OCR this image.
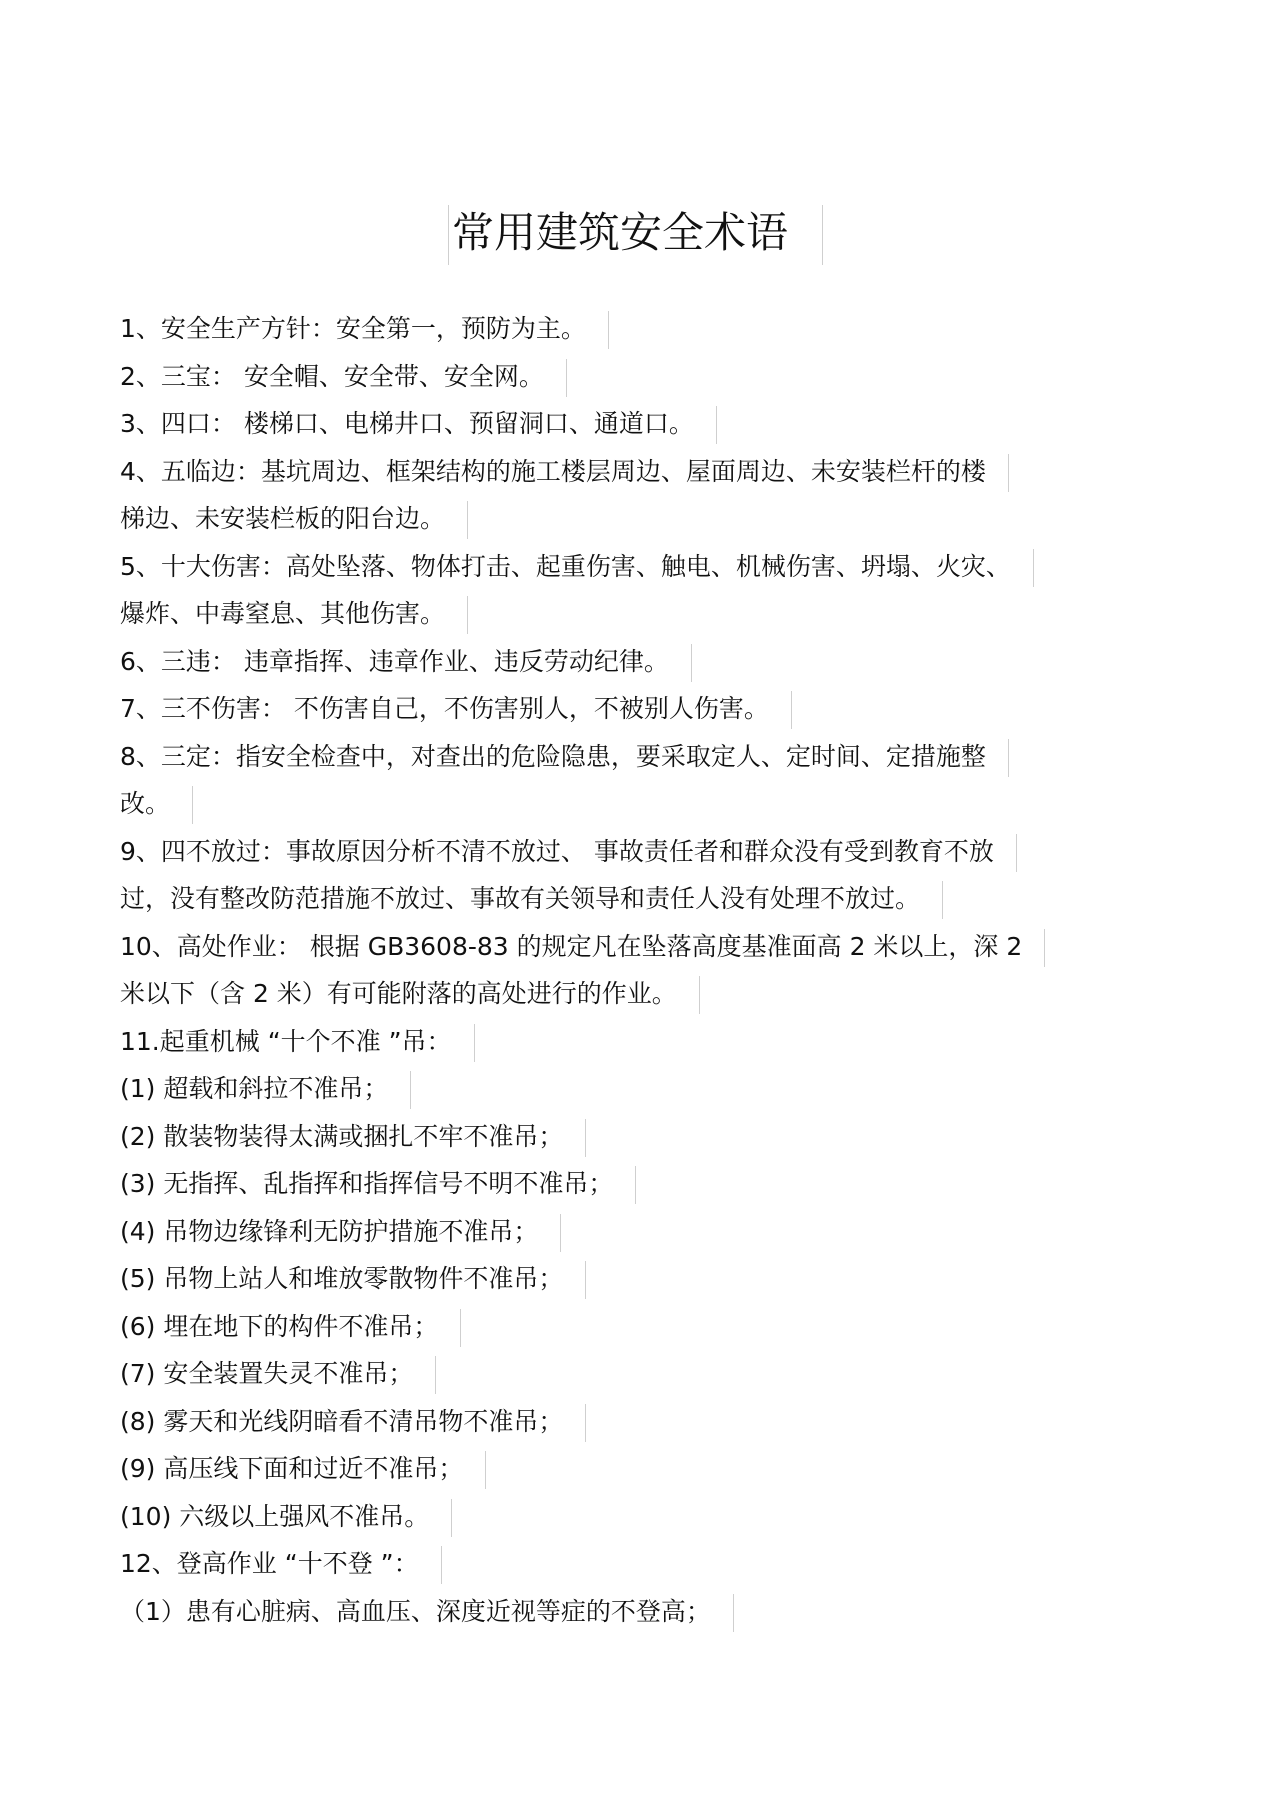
常用建筑安全术语
1、安全生产方针：安全第一，预防为主。
2、三宝： 安全帽、安全带、安全网。
3、四口： 楼梯口、电梯井口、预留洞口、通道口。
4、五临边：基坑周边、框架结构的施工楼层周边、屋面周边、未安装栏杆的楼
梯边、未安装栏板的阳台边。
5、十大伤害：高处坠落、物体打击、起重伤害、触电、机械伤害、坍塌、火灾、
爆炸、中毒窒息、其他伤害。
6、三违： 违章指挥、违章作业、违反劳动纪律。
7、三不伤害： 不伤害自己，不伤害别人，不被别人伤害。
8、三定：指安全检查中，对查出的危险隐患，要采取定人、定时间、定措施整
改。
9、四不放过：事故原因分析不清不放过、 事故责任者和群众没有受到教育不放
过，没有整改防范措施不放过、事故有关领导和责任人没有处理不放过。
10、高处作业： 根据 GB3608-83 的规定凡在坠落高度基准面高 2 米以上，深 2
米以下（含 2 米）有可能附落的高处进行的作业。
11.起重机械 “十个不准 ”吊：
(1) 超载和斜拉不准吊；
(2) 散装物装得太满或捆扎不牢不准吊；
(3) 无指挥、乱指挥和指挥信号不明不准吊；
(4) 吊物边缘锋利无防护措施不准吊；
(5) 吊物上站人和堆放零散物件不准吊；
(6) 埋在地下的构件不准吊；
(7) 安全装置失灵不准吊；
(8) 雾天和光线阴暗看不清吊物不准吊；
(9) 高压线下面和过近不准吊；
(10) 六级以上强风不准吊。
12、登高作业 “十不登 ”：
（1）患有心脏病、高血压、深度近视等症的不登高；
